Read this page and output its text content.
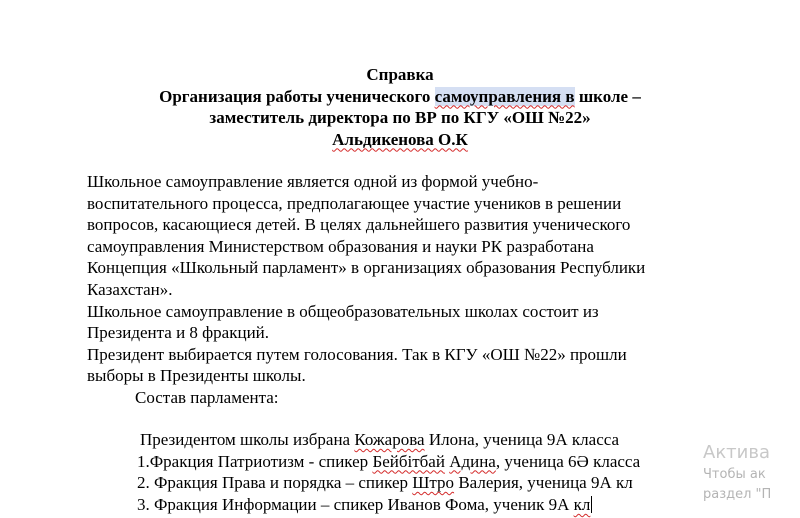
Справка
Организация работы ученического самоуправления в школе –
заместитель директора по ВР по КГУ «ОШ №22»
Альдикенова О.К
Школьное самоуправление является одной из формой учебно-
воспитательного процесса, предполагающее участие учеников в решении
вопросов, касающиеся детей. В целях дальнейшего развития ученического
самоуправления Министерством образования и науки РК разработана
Концепция «Школьный парламент» в организациях образования Республики
Казахстан».
Школьное самоуправление в общеобразовательных школах состоит из
Президента и 8 фракций.
Президент выбирается путем голосования. Так в КГУ «ОШ №22» прошли
выборы в Президенты школы.
Состав парламента:
Президентом школы избрана Кожарова Илона, ученица 9А класса
1.Фракция Патриотизм - спикер Бейбітбай Адина, ученица 6Ә класса
2. Фракция Права и порядка – спикер Штро Валерия, ученица 9А кл
3. Фракция Информации – спикер Иванов Фома, ученик 9А кл
Актива
Чтобы ак
раздел "П
